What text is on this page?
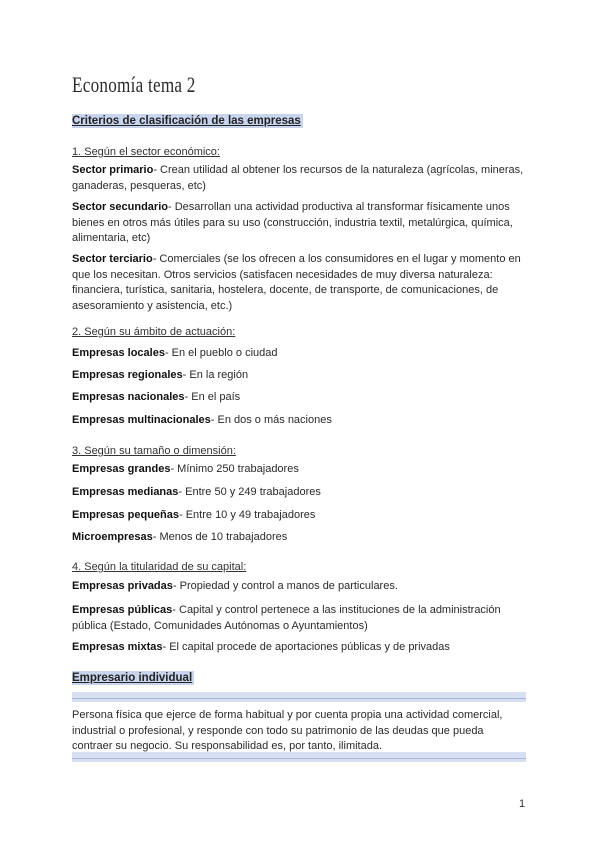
Economía tema 2
Criterios de clasificación de las empresas
1. Según el sector económico:
Sector primario- Crean utilidad al obtener los recursos de la naturaleza (agrícolas, mineras, ganaderas, pesqueras, etc)
Sector secundario- Desarrollan una actividad productiva al transformar físicamente unos bienes en otros más útiles para su uso (construcción, industria textil, metalúrgica, química, alimentaria, etc)
Sector terciario- Comerciales (se los ofrecen a los consumidores en el lugar y momento en que los necesitan. Otros servicios (satisfacen necesidades de muy diversa naturaleza: financiera, turística, sanitaria, hostelera, docente, de transporte, de comunicaciones, de asesoramiento y asistencia, etc.)
2. Según su ámbito de actuación:
Empresas locales- En el pueblo o ciudad
Empresas regionales- En la región
Empresas nacionales- En el país
Empresas multinacionales- En dos o más naciones
3. Según su tamaño o dimensión:
Empresas grandes- Mínimo 250 trabajadores
Empresas medianas- Entre 50 y 249 trabajadores
Empresas pequeñas- Entre 10 y 49 trabajadores
Microempresas- Menos de 10 trabajadores
4. Según la titularidad de su capital:
Empresas privadas- Propiedad y control a manos de particulares.
Empresas públicas- Capital y control pertenece a las instituciones de la administración pública (Estado, Comunidades Autónomas o Ayuntamientos)
Empresas mixtas- El capital procede de aportaciones públicas y de privadas
Empresario individual
Persona física que ejerce de forma habitual y por cuenta propia una actividad comercial, industrial o profesional, y responde con todo su patrimonio de las deudas que pueda contraer su negocio. Su responsabilidad es, por tanto, ilimitada.
1
